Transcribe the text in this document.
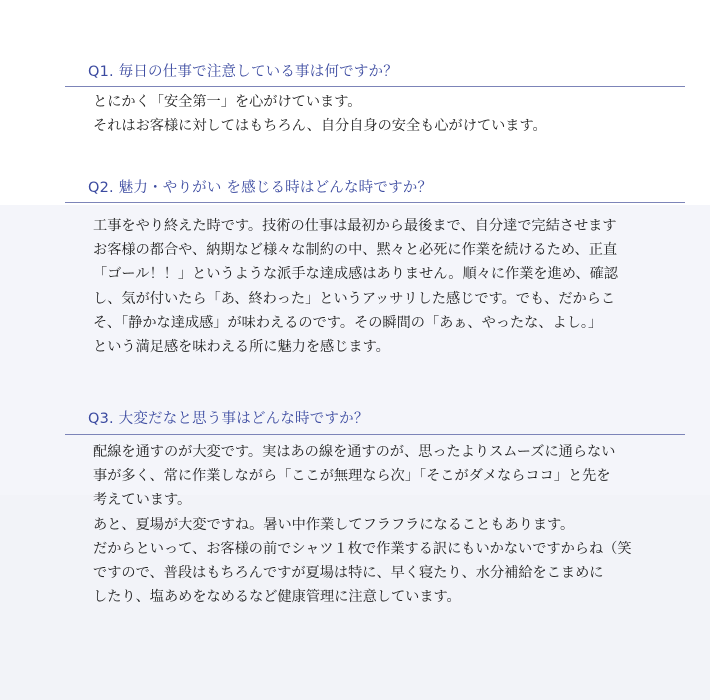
Q1. 毎日の仕事で注意している事は何ですか？
とにかく「安全第一」を心がけています。
それはお客様に対してはもちろん、自分自身の安全も心がけています。
Q2. 魅力・やりがい を感じる時はどんな時ですか？
工事をやり終えた時です。技術の仕事は最初から最後まで、自分達で完結させます
お客様の都合や、納期など様々な制約の中、黙々と必死に作業を続けるため、正直
「ゴール！！」というような派手な達成感はありません。順々に作業を進め、確認
し、気が付いたら「あ、終わった」というアッサリした感じです。でも、だからこ
そ、「静かな達成感」が味わえるのです。その瞬間の「あぁ、やったな、よし。」
という満足感を味わえる所に魅力を感じます。
Q3. 大変だなと思う事はどんな時ですか？
配線を通すのが大変です。実はあの線を通すのが、思ったよりスムーズに通らない
事が多く、常に作業しながら「ここが無理なら次」「そこがダメならココ」と先を
考えています。
あと、夏場が大変ですね。暑い中作業してフラフラになることもあります。
だからといって、お客様の前でシャツ１枚で作業する訳にもいかないですからね（笑
ですので、普段はもちろんですが夏場は特に、早く寝たり、水分補給をこまめに
したり、塩あめをなめるなど健康管理に注意しています。
